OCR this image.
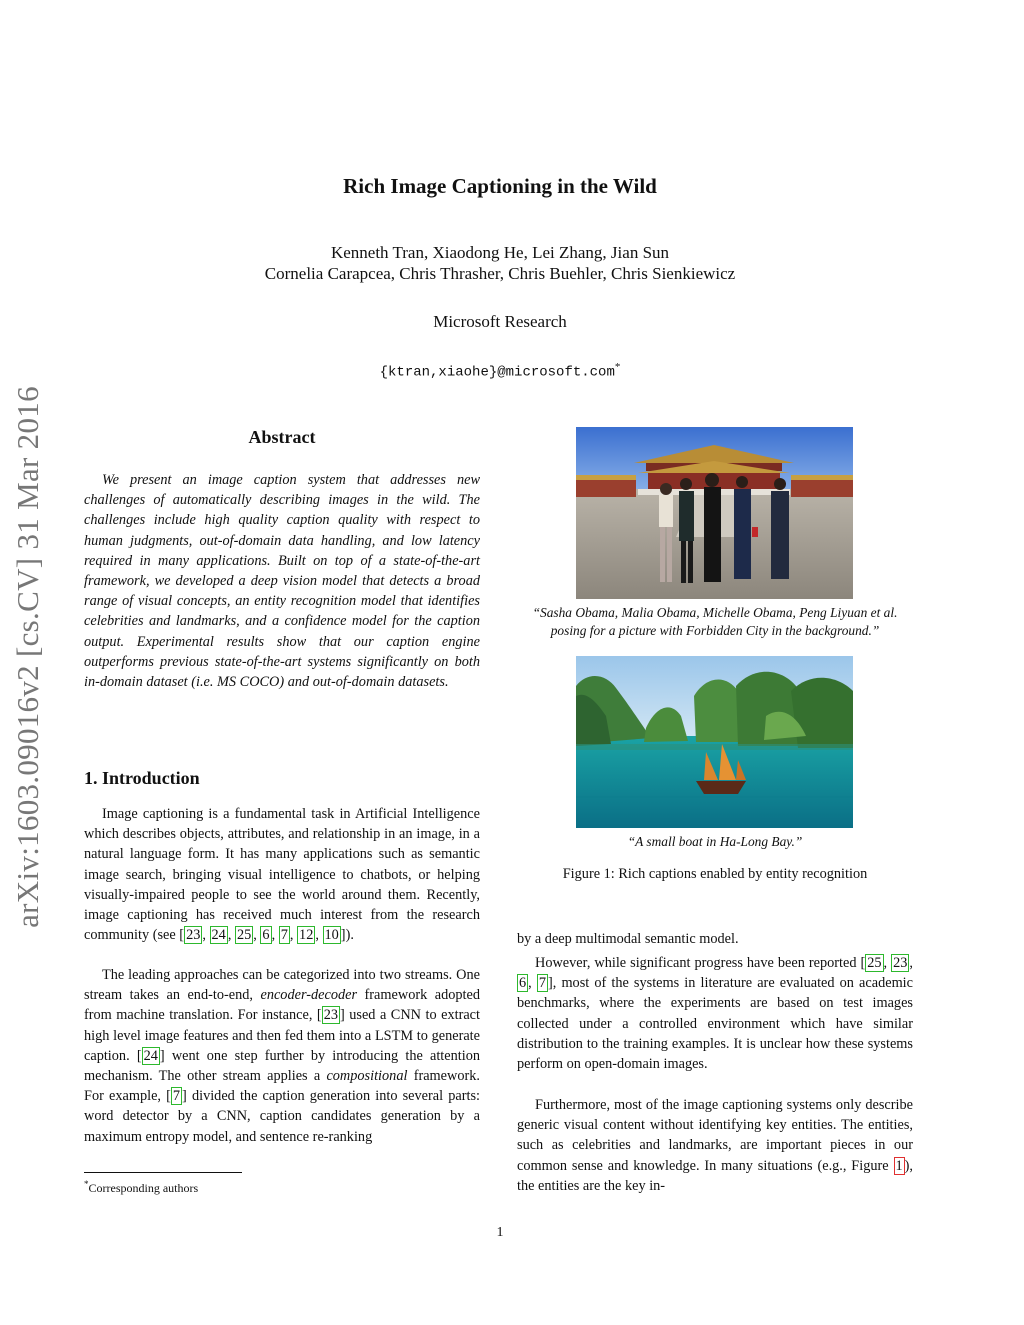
arXiv:1603.09016v2 [cs.CV] 31 Mar 2016
Rich Image Captioning in the Wild
Kenneth Tran, Xiaodong He, Lei Zhang, Jian Sun
Cornelia Carapcea, Chris Thrasher, Chris Buehler, Chris Sienkiewicz
Microsoft Research
{ktran,xiaohe}@microsoft.com*
Abstract

We present an image caption system that addresses new challenges of automatically describing images in the wild. The challenges include high quality caption quality with respect to human judgments, out-of-domain data handling, and low latency required in many applications. Built on top of a state-of-the-art framework, we developed a deep vision model that detects a broad range of visual concepts, an entity recognition model that identifies celebrities and landmarks, and a confidence model for the caption output. Experimental results show that our caption engine outperforms previous state-of-the-art systems significantly on both in-domain dataset (i.e. MS COCO) and out-of-domain datasets.

1. Introduction

Image captioning is a fundamental task in Artificial Intelligence which describes objects, attributes, and relationship in an image, in a natural language form. It has many applications such as semantic image search, bringing visual intelligence to chatbots, or helping visually-impaired people to see the world around them. Recently, image captioning has received much interest from the research community (see [ 23 , 24 , 25 , 6 , 7 , 12 , 10 ]).

The leading approaches can be categorized into two streams. One stream takes an end-to-end, encoder-decoder framework adopted from machine translation. For instance, [ 23 ] used a CNN to extract high level image features and then fed them into a LSTM to generate caption. [ 24 ] went one step further by introducing the attention mechanism. The other stream applies a compositional framework. For example, [ 7 ] divided the caption generation into several parts: word detector by a CNN, caption candidates generation by a maximum entropy model, and sentence re-ranking

*Corresponding authors
“Sasha Obama, Malia Obama, Michelle Obama, Peng Liyuan et al. posing for a picture with Forbidden City in the background.”
“A small boat in Ha-Long Bay.”
Figure 1: Rich captions enabled by entity recognition

by a deep multimodal semantic model.

However, while significant progress have been reported [ 25 , 23 , 6 , 7 ], most of the systems in literature are evaluated on academic benchmarks, where the experiments are based on test images collected under a controlled environment which have similar distribution to the training examples. It is unclear how these systems perform on open-domain images.

Furthermore, most of the image captioning systems only describe generic visual content without identifying key entities. The entities, such as celebrities and landmarks, are important pieces in our common sense and knowledge. In many situations (e.g., Figure 1 ), the entities are the key in-

1
